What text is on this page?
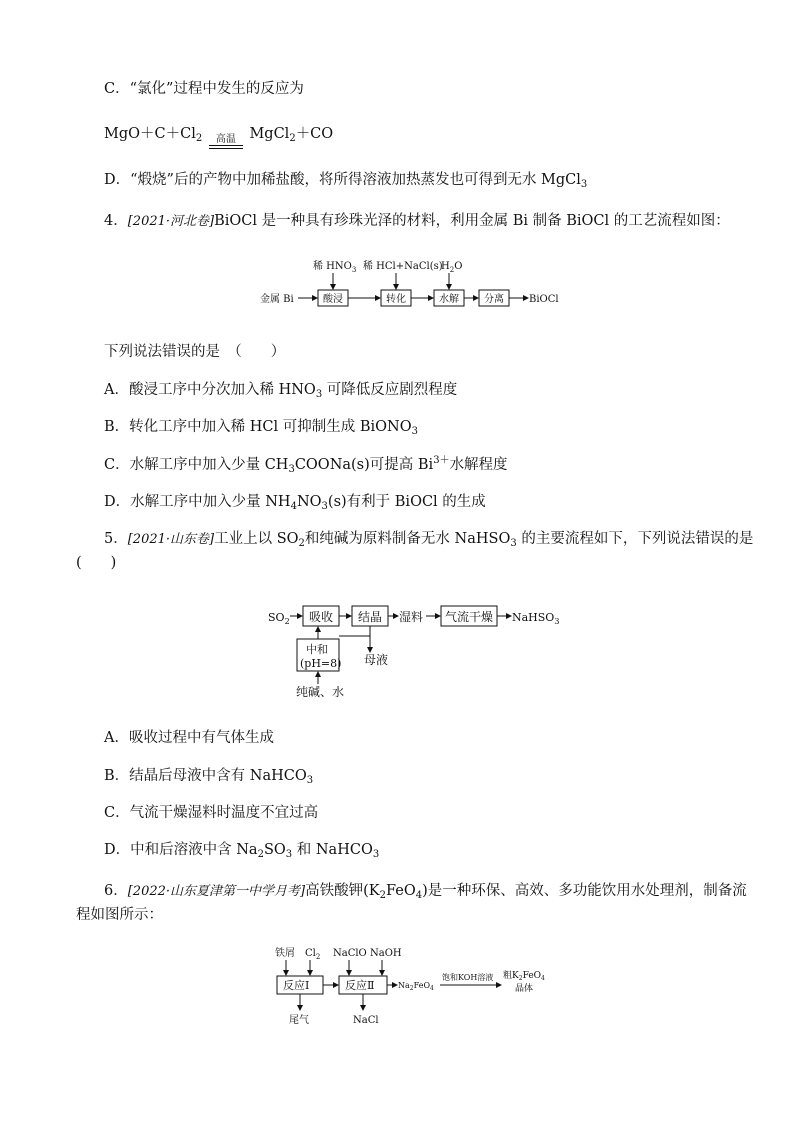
C．“氯化”过程中发生的反应为
$MgO+C+Cl_2$ 高温 MgCl$_2$＋CO
D．“煅烧”后的产物中加稀盐酸，将所得溶液加热蒸发也可得到无水 MgCl$_3$
4．[2021·河北卷]BiOCl 是一种具有珍珠光泽的材料，利用金属 Bi 制备 BiOCl 的工艺流程如图：
金属 Bi	酸浸	转化	水解	分离	BiOCl
稀 $HNO_3$ 稀 HCl+NaCl(s)
$H_2O$
下列说法错误的是　（　　）
A．酸浸工序中分次加入稀 $HNO_3$ 可降低反应剧烈程度
B．转化工序中加入稀 HCl 可抑制生成 BiONO$_3$
C．水解工序中加入少量 $CH_3COONa(s)$可提高 $Bi^{3+}$水解程度
D．水解工序中加入少量 $NH_4NO_3(s)$有利于 BiOCl 的生成
5．[2021·山东卷]工业上以 $SO_2$和纯碱为原料制备无水 NaHSO$_3$ 的主要流程如下，下列说法错误的是
(　　)
$SO_2$ 吸收 结晶 湿料 气流干燥 NaHSO$_3$
母液
中和
(pH=8)
纯碱、水
A．吸收过程中有气体生成
B．结晶后母液中含有 NaHCO$_3$
C．气流干燥湿料时温度不宜过高
D．中和后溶液中含 $Na_2SO_3$ 和 NaHCO$_3$
6．[2022·山东夏津第一中学月考]高铁酸钾$(K_2FeO_4)$是一种环保、高效、多功能饮用水处理剂，制备流
程如图所示：
铁屑 $Cl_2$
反应Ⅰ
NaClO NaOH
反应Ⅱ	$Na_2FeO_4$
饱和KOH溶液 粗$K_2FeO_4$
晶体
尾气	NaCl
